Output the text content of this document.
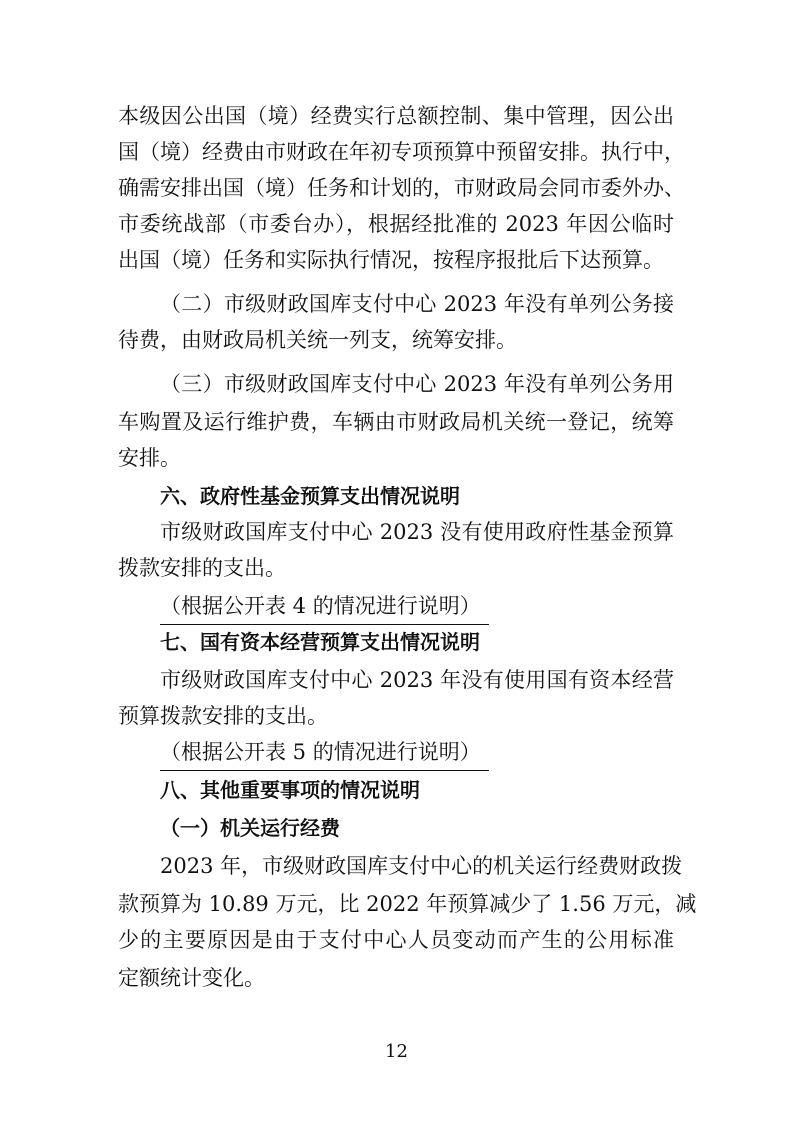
本级因公出国（境）经费实行总额控制、集中管理，因公出
国（境）经费由市财政在年初专项预算中预留安排。执行中，
确需安排出国（境）任务和计划的，市财政局会同市委外办、
市委统战部（市委台办），根据经批准的 2023 年因公临时
出国（境）任务和实际执行情况，按程序报批后下达预算。
（二）市级财政国库支付中心 2023 年没有单列公务接
待费，由财政局机关统一列支，统筹安排。
（三）市级财政国库支付中心 2023 年没有单列公务用
车购置及运行维护费，车辆由市财政局机关统一登记，统筹
安排。
六、政府性基金预算支出情况说明
市级财政国库支付中心 2023 没有使用政府性基金预算
拨款安排的支出。
（根据公开表 4 的情况进行说明）
七、国有资本经营预算支出情况说明
市级财政国库支付中心 2023 年没有使用国有资本经营
预算拨款安排的支出。
（根据公开表 5 的情况进行说明）
八、其他重要事项的情况说明
（一）机关运行经费
2023 年，市级财政国库支付中心的机关运行经费财政拨
款预算为 10.89 万元，比 2022 年预算减少了 1.56 万元，减
少的主要原因是由于支付中心人员变动而产生的公用标准
定额统计变化。
12
